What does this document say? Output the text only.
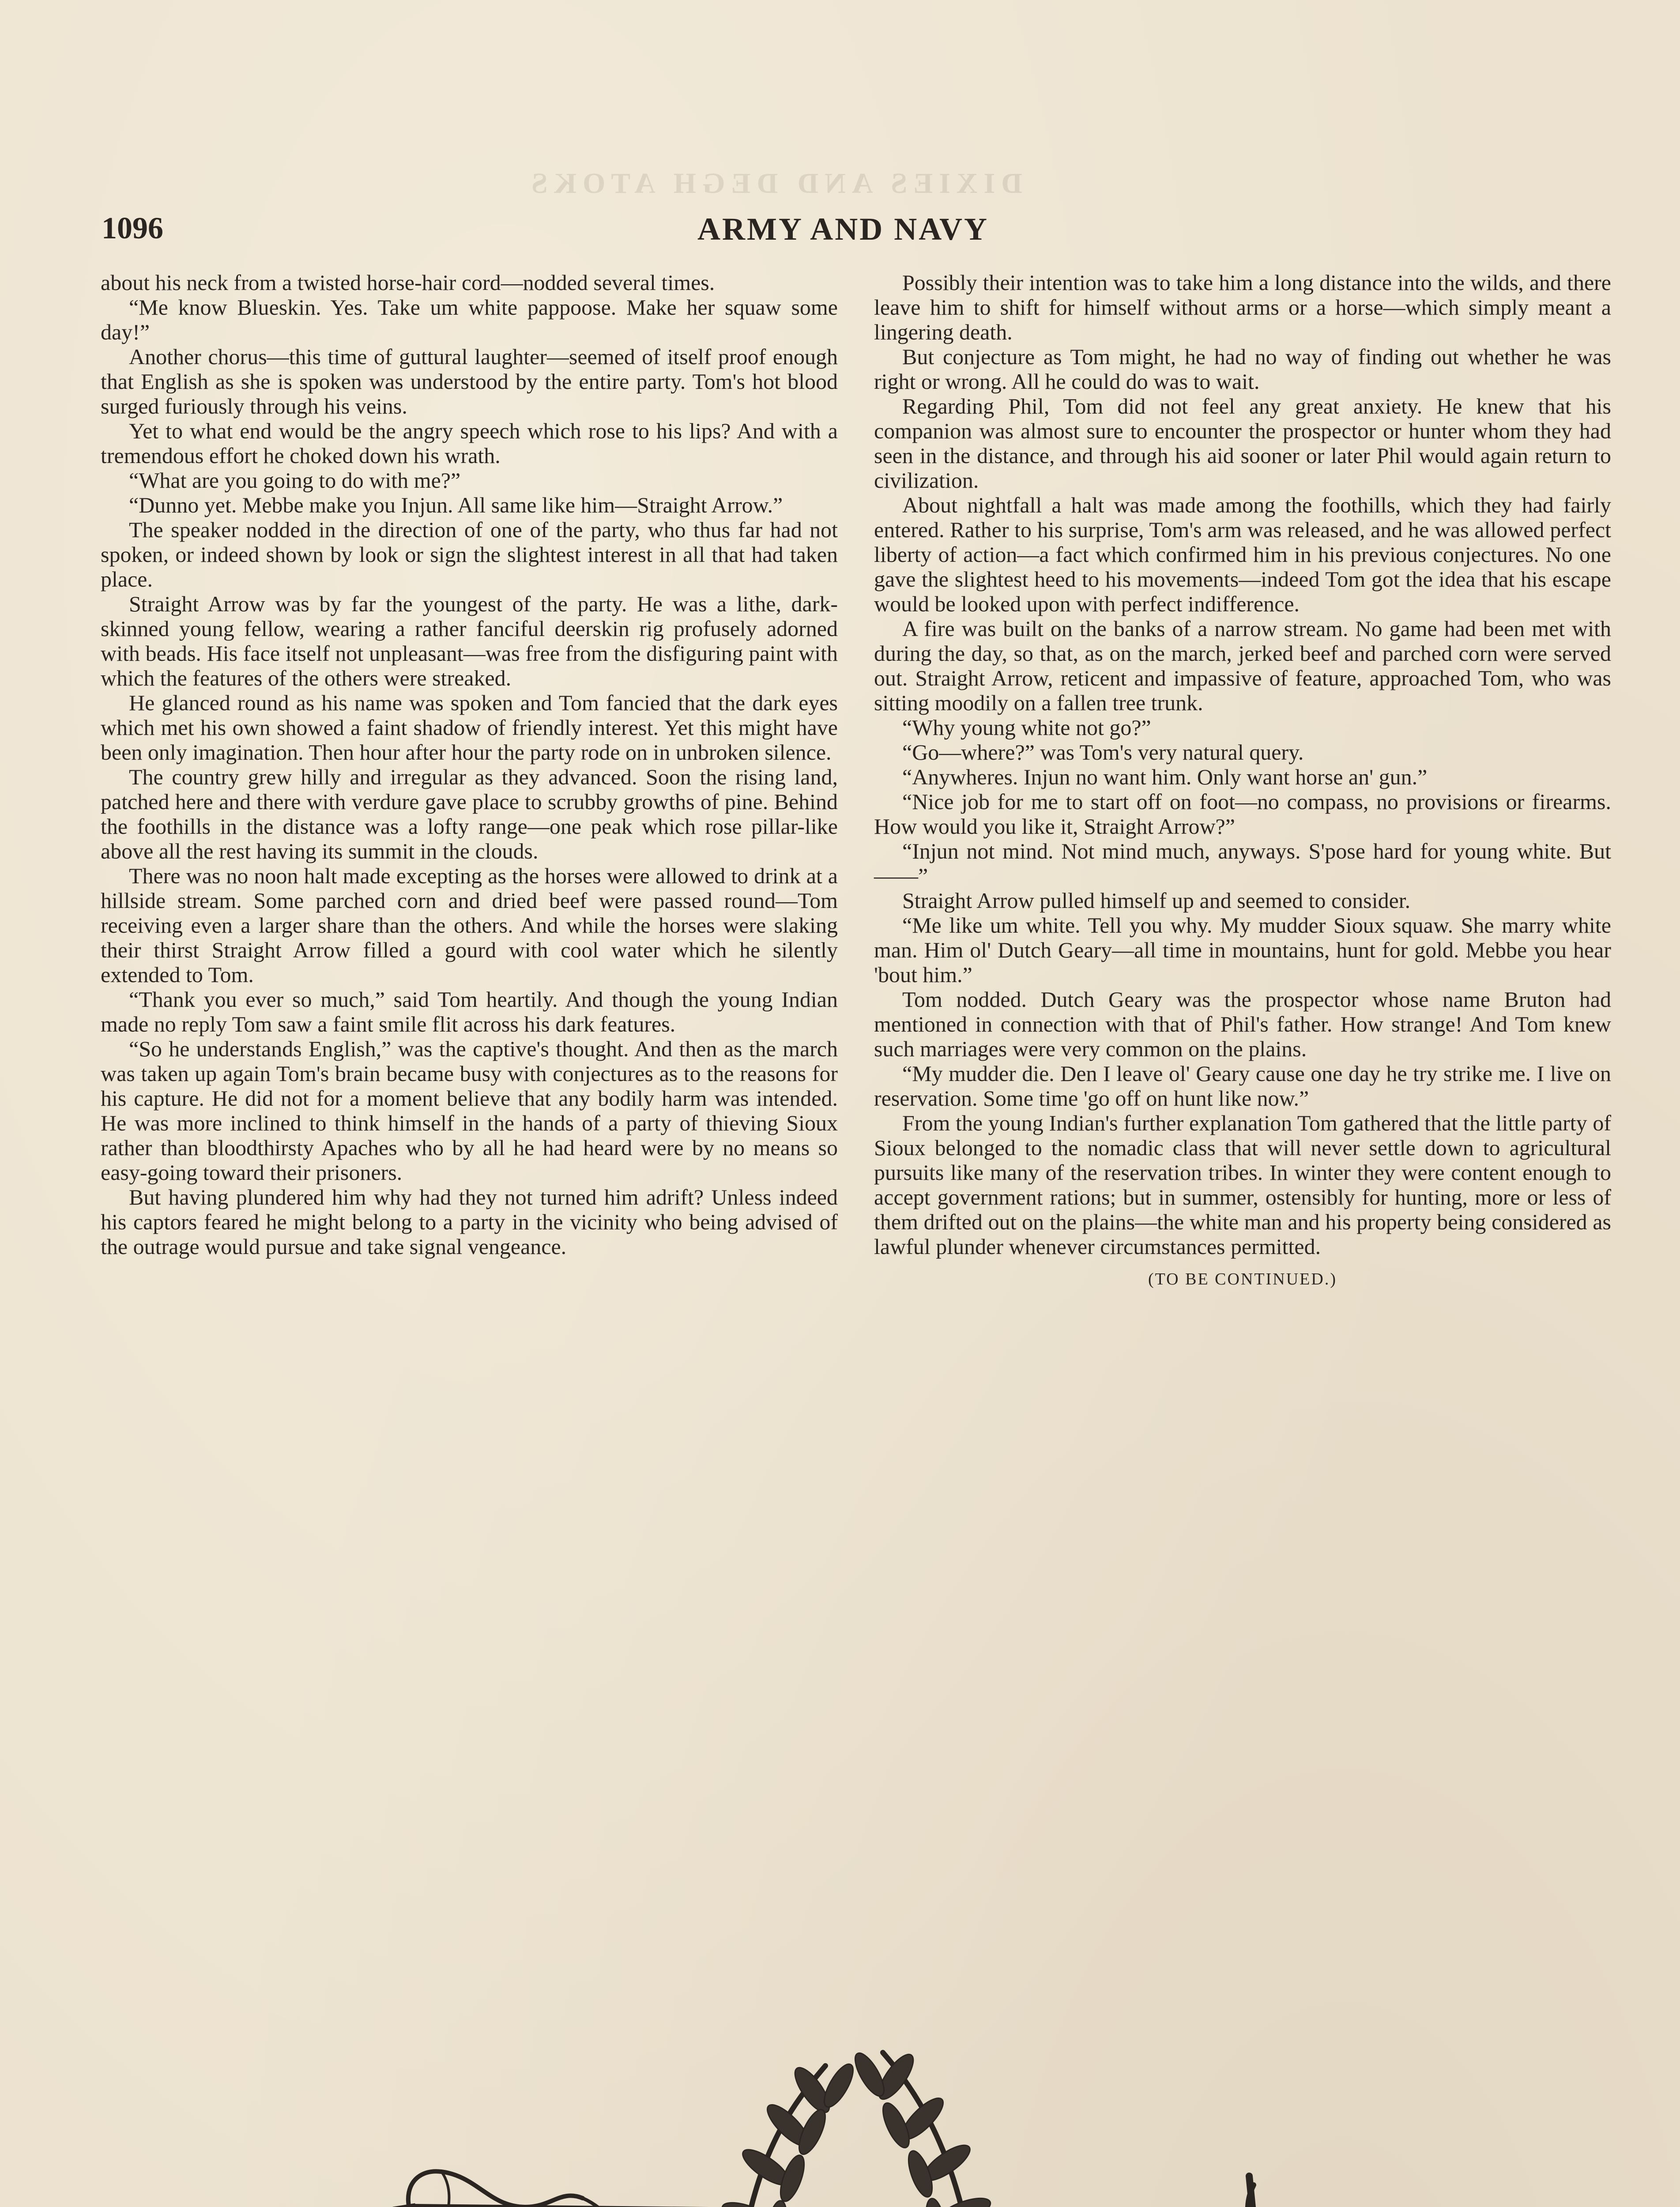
DIXIES AND DEGH ATOKS
1096	ARMY AND NAVY

about his neck from a twisted horse-hair cord—nodded several times.

“Me know Blueskin. Yes. Take um white pappoose. Make her squaw some day!”

Another chorus—this time of guttural laughter—seemed of itself proof enough that English as she is spoken was understood by the entire party. Tom's hot blood surged furiously through his veins.

Yet to what end would be the angry speech which rose to his lips? And with a tremendous effort he choked down his wrath.

“What are you going to do with me?”

“Dunno yet. Mebbe make you Injun. All same like him—Straight Arrow.”

The speaker nodded in the direction of one of the party, who thus far had not spoken, or indeed shown by look or sign the slightest interest in all that had taken place.

Straight Arrow was by far the youngest of the party. He was a lithe, dark-skinned young fellow, wearing a rather fanciful deerskin rig profusely adorned with beads. His face itself not unpleasant—was free from the disfiguring paint with which the features of the others were streaked.

He glanced round as his name was spoken and Tom fancied that the dark eyes which met his own showed a faint shadow of friendly interest. Yet this might have been only imagination. Then hour after hour the party rode on in unbroken silence.

The country grew hilly and irregular as they advanced. Soon the rising land, patched here and there with verdure gave place to scrubby growths of pine. Behind the foothills in the distance was a lofty range—one peak which rose pillar-like above all the rest having its summit in the clouds.

There was no noon halt made excepting as the horses were allowed to drink at a hillside stream. Some parched corn and dried beef were passed round—Tom receiving even a larger share than the others. And while the horses were slaking their thirst Straight Arrow filled a gourd with cool water which he silently extended to Tom.

“Thank you ever so much,” said Tom heartily. And though the young Indian made no reply Tom saw a faint smile flit across his dark features.

“So he understands English,” was the captive's thought. And then as the march was taken up again Tom's brain became busy with conjectures as to the reasons for his capture. He did not for a moment believe that any bodily harm was intended. He was more inclined to think himself in the hands of a party of thieving Sioux rather than bloodthirsty Apaches who by all he had heard were by no means so easy-going toward their prisoners.

But having plundered him why had they not turned him adrift? Unless indeed his captors feared he might belong to a party in the vicinity who being advised of the outrage would pursue and take signal vengeance.

Possibly their intention was to take him a long distance into the wilds, and there leave him to shift for himself without arms or a horse—which simply meant a lingering death.

But conjecture as Tom might, he had no way of finding out whether he was right or wrong. All he could do was to wait.

Regarding Phil, Tom did not feel any great anxiety. He knew that his companion was almost sure to encounter the prospector or hunter whom they had seen in the distance, and through his aid sooner or later Phil would again return to civilization.

About nightfall a halt was made among the foothills, which they had fairly entered. Rather to his surprise, Tom's arm was released, and he was allowed perfect liberty of action—a fact which confirmed him in his previous conjectures. No one gave the slightest heed to his movements—indeed Tom got the idea that his escape would be looked upon with perfect indifference.

A fire was built on the banks of a narrow stream. No game had been met with during the day, so that, as on the march, jerked beef and parched corn were served out. Straight Arrow, reticent and impassive of feature, approached Tom, who was sitting moodily on a fallen tree trunk.

“Why young white not go?”

“Go—where?” was Tom's very natural query.

“Anywheres. Injun no want him. Only want horse an' gun.”

“Nice job for me to start off on foot—no compass, no provisions or firearms. How would you like it, Straight Arrow?”

“Injun not mind. Not mind much, anyways. S'pose hard for young white. But——”

Straight Arrow pulled himself up and seemed to consider.

“Me like um white. Tell you why. My mudder Sioux squaw. She marry white man. Him ol' Dutch Geary—all time in mountains, hunt for gold. Mebbe you hear 'bout him.”

Tom nodded. Dutch Geary was the prospector whose name Bruton had mentioned in connection with that of Phil's father. How strange! And Tom knew such marriages were very common on the plains.

“My mudder die. Den I leave ol' Geary cause one day he try strike me. I live on reservation. Some time 'go off on hunt like now.”

From the young Indian's further explanation Tom gathered that the little party of Sioux belonged to the nomadic class that will never settle down to agricultural pursuits like many of the reservation tribes. In winter they were content enough to accept government rations; but in summer, ostensibly for hunting, more or less of them drifted out on the plains—the white man and his property being considered as lawful plunder whenever circumstances permitted.

(TO BE CONTINUED.)
